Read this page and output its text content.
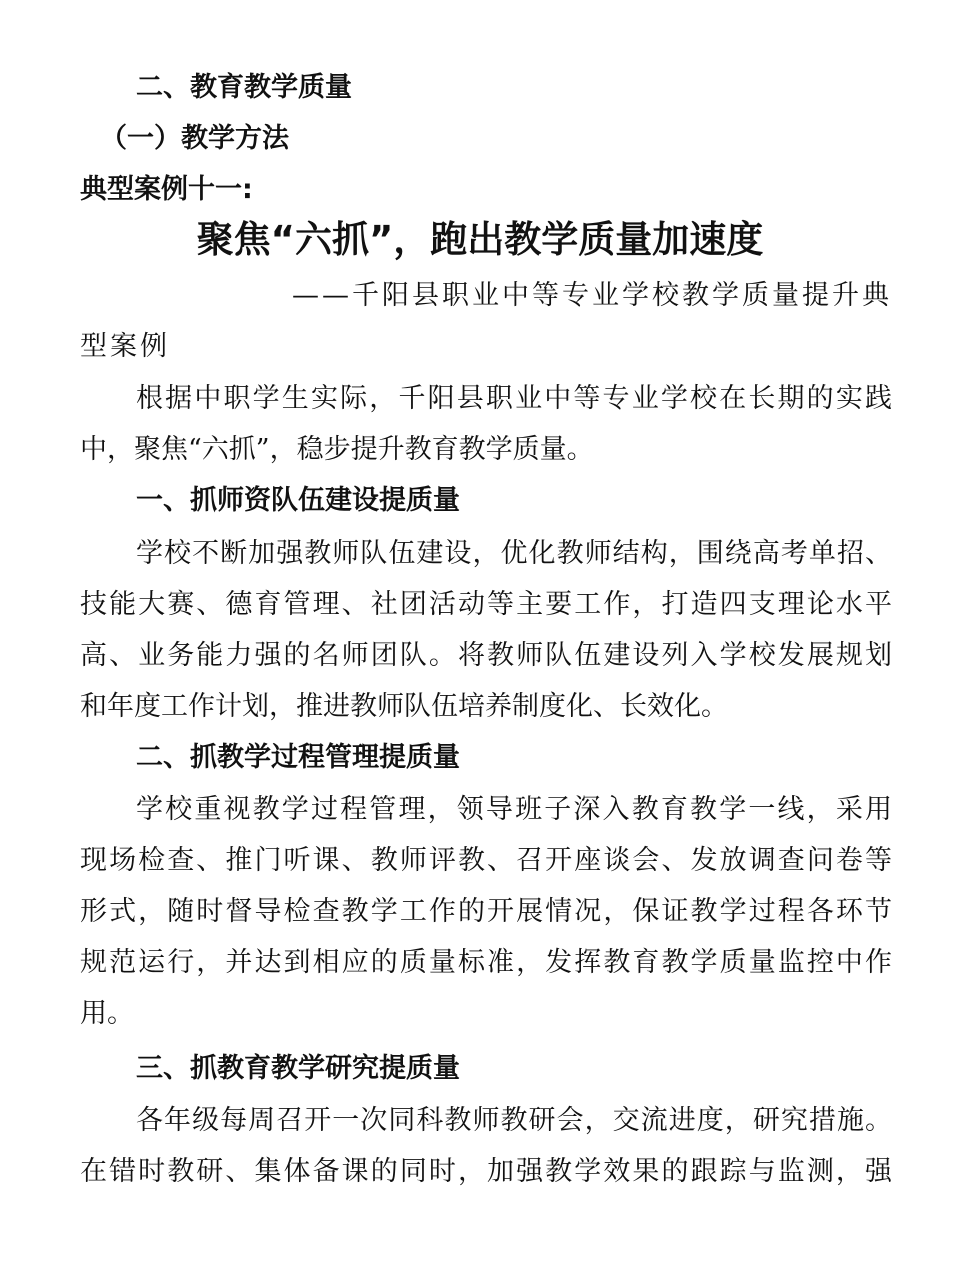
二、教育教学质量

（一）教学方法

典型案例十一:

聚焦“六抓”，跑出教学质量加速度

——千阳县职业中等专业学校教学质量提升典

型案例

根据中职学生实际，千阳县职业中等专业学校在长期的实践

中，聚焦“六抓”，稳步提升教育教学质量。

一、抓师资队伍建设提质量

学校不断加强教师队伍建设，优化教师结构，围绕高考单招、

技能大赛、德育管理、社团活动等主要工作，打造四支理论水平

高、业务能力强的名师团队。将教师队伍建设列入学校发展规划

和年度工作计划，推进教师队伍培养制度化、长效化。

二、抓教学过程管理提质量

学校重视教学过程管理，领导班子深入教育教学一线，采用

现场检查、推门听课、教师评教、召开座谈会、发放调查问卷等

形式，随时督导检查教学工作的开展情况，保证教学过程各环节

规范运行，并达到相应的质量标准，发挥教育教学质量监控中作

用。

三、抓教育教学研究提质量

各年级每周召开一次同科教师教研会，交流进度，研究措施。

在错时教研、集体备课的同时，加强教学效果的跟踪与监测，强
